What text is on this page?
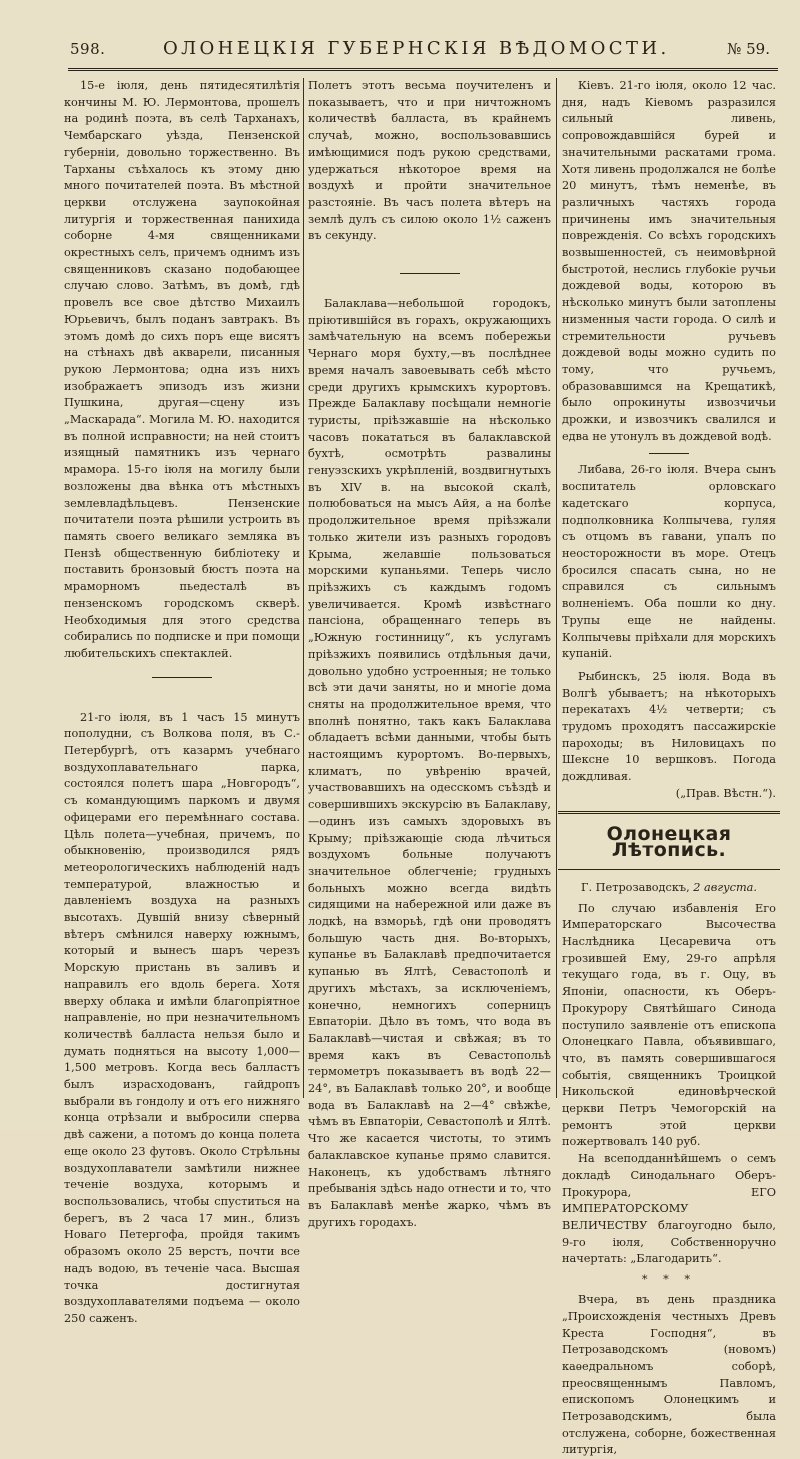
598.	ОЛОНЕЦКІЯ ГУБЕРНСКІЯ ВѢДОМОСТИ.	№ 59.

15-е іюля, день пятидесятилѣтія кончины М. Ю. Лермонтова, прошелъ на родинѣ поэта, въ селѣ Тарханахъ, Чембарскаго уѣзда, Пензенской губерніи, довольно торжественно. Въ Тарханы съѣхалось къ этому дню много почитателей поэта. Въ мѣстной церкви отслужена заупокойная литургія и торжественная панихида соборне 4-мя священниками окрестныхъ селъ, причемъ однимъ изъ священниковъ сказано подобающее случаю слово. Затѣмъ, въ домѣ, гдѣ провелъ все свое дѣтство Михаилъ Юрьевичъ, былъ поданъ завтракъ. Въ этомъ домѣ до сихъ поръ еще висятъ на стѣнахъ двѣ акварели, писанныя рукою Лермонтова; одна изъ нихъ изображаетъ эпизодъ изъ жизни Пушкина, другая—сцену изъ „Маскарада“. Могила М. Ю. находится въ полной исправности; на ней стоитъ изящный памятникъ изъ чернаго мрамора. 15-го іюля на могилу были возложены два вѣнка отъ мѣстныхъ землевладѣльцевъ. Пензенские почитатели поэта рѣшили устроить въ память своего великаго земляка въ Пензѣ общественную библіотеку и поставить бронзовый бюстъ поэта на мраморномъ пьедесталѣ въ пензенскомъ городскомъ скверѣ. Необходимыя для этого средства собирались по подписке и при помощи любительскихъ спектаклей.

21-го іюля, въ 1 часъ 15 минутъ пополудни, съ Волкова поля, въ С.-Петербургѣ, отъ казармъ учебнаго воздухоплавательнаго парка, состоялся полетъ шара „Новгородъ“, съ командующимъ паркомъ и двумя офицерами его перемѣннаго состава. Цѣль полета—учебная, причемъ, по обыкновенію, производился рядъ метеорологическихъ наблюденій надъ температурой, влажностью и давленіемъ воздуха на разныхъ высотахъ. Дувшій внизу сѣверный вѣтеръ смѣнился наверху южнымъ, который и вынесъ шаръ черезъ Морскую пристань въ заливъ и направилъ его вдоль берега. Хотя вверху облака и имѣли благопріятное направленіе, но при незначительномъ количествѣ балласта нельзя было и думать подняться на высоту 1,000—1,500 метровъ. Когда весь балластъ былъ израсходованъ, гайдропъ выбрали въ гондолу и отъ его нижняго конца отрѣзали и выбросили сперва двѣ сажени, а потомъ до конца полета еще около 23 футовъ. Около Стрѣльны воздухоплаватели замѣтили нижнее теченіе воздуха, которымъ и воспользовались, чтобы спуститься на берегъ, въ 2 часа 17 мин., близъ Новаго Петергофа, пройдя такимъ образомъ около 25 верстъ, почти все надъ водою, въ теченіе часа. Высшая точка достигнутая воздухоплавателями подъема — около 250 саженъ.

Полетъ этотъ весьма поучителенъ и показываетъ, что и при ничтожномъ количествѣ балласта, въ крайнемъ случаѣ, можно, воспользовавшись имѣющимися подъ рукою средствами, удержаться нѣкоторое время на воздухѣ и пройти значительное разстояніе. Въ часъ полета вѣтеръ на землѣ дулъ съ силою около 1½ саженъ въ секунду.

Балаклава—небольшой городокъ, пріютившійся въ горахъ, окружающихъ замѣчательную на всемъ побережьи Чернаго моря бухту,—въ послѣднее время началъ завоевывать себѣ мѣсто среди другихъ крымскихъ курортовъ. Прежде Балаклаву посѣщали немногіе туристы, пріѣзжавшіе на нѣсколько часовъ покататься въ балаклавской бухтѣ, осмотрѣть развалины генуэзскихъ укрѣпленій, воздвигнутыхъ въ XIV в. на высокой скалѣ, полюбоваться на мысъ Айя, а на болѣе продолжительное время пріѣзжали только жители изъ разныхъ городовъ Крыма, желавшіе пользоваться морскими купаньями. Теперь число пріѣзжихъ съ каждымъ годомъ увеличивается. Кромѣ извѣстнаго пансіона, обращеннаго теперь въ „Южную гостинницу“, къ услугамъ пріѣзжихъ появились отдѣльныя дачи, довольно удобно устроенныя; не только всѣ эти дачи заняты, но и многіе дома сняты на продолжительное время, что вполнѣ понятно, такъ какъ Балаклава обладаетъ всѣми данными, чтобы быть настоящимъ курортомъ. Во-первыхъ, климатъ, по увѣренію врачей, участвовавшихъ на одесскомъ съѣздѣ и совершившихъ экскурсію въ Балаклаву,—одинъ изъ самыхъ здоровыхъ въ Крыму; пріѣзжающіе сюда лѣчиться воздухомъ больные получаютъ значительное облегченіе; грудныхъ больныхъ можно всегда видѣть сидящими на набережной или даже въ лодкѣ, на взморьѣ, гдѣ они проводятъ большую часть дня. Во-вторыхъ, купанье въ Балаклавѣ предпочитается купанью въ Ялтѣ, Севастополѣ и другихъ мѣстахъ, за исключеніемъ, конечно, немногихъ соперницъ Евпаторіи. Дѣло въ томъ, что вода въ Балаклавѣ—чистая и свѣжая; въ то время какъ въ Севастопольѣ термометръ показываетъ въ водѣ 22—24°, въ Балаклавѣ только 20°, и вообще вода въ Балаклавѣ на 2—4° свѣжѣе, чѣмъ въ Евпаторіи, Севастополѣ и Ялтѣ. Что же касается чистоты, то этимъ балаклавское купанье прямо славится. Наконецъ, къ удобствамъ лѣтняго пребыванія здѣсь надо отнести и то, что въ Балаклавѣ менѣе жарко, чѣмъ въ другихъ городахъ.

Кіевъ. 21-го іюля, около 12 час. дня, надъ Кіевомъ разразился сильный ливень, сопровождавшійся бурей и значительными раскатами грома. Хотя ливень продолжался не болѣе 20 минутъ, тѣмъ неменѣе, въ различныхъ частяхъ города причинены имъ значительныя поврежденія. Со всѣхъ городскихъ возвышенностей, съ неимовѣрной быстротой, неслись глубокіе ручьи дождевой воды, которою въ нѣсколько минутъ были затоплены низменныя части города. О силѣ и стремительности ручьевъ дождевой воды можно судить по тому, что ручьемъ, образовавшимся на Крещатикѣ, было опрокинуты извозчичьи дрожки, и извозчикъ свалился и едва не утонулъ въ дождевой водѣ.

Либава, 26-го іюля. Вчера сынъ воспитатель орловскаго кадетскаго корпуса, подполковника Колпычева, гуляя съ отцомъ въ гавани, упалъ по неосторожности въ море. Отецъ бросился спасать сына, но не справился съ сильнымъ волненіемъ. Оба пошли ко дну. Трупы еще не найдены. Колпычевы пріѣхали для морскихъ купаній.

Рыбинскъ, 25 іюля. Вода въ Волгѣ убываетъ; на нѣкоторыхъ перекатахъ 4½ четверти; съ трудомъ проходятъ пассажирскіе пароходы; въ Ниловицахъ по Шексне 10 вершковъ. Погода дождливая.

(„Прав. Вѣстн.“).

Олонецкая Лѣтопись.

Г. Петрозаводскъ, 2 августа.

По случаю избавленія Его Императорскаго Высочества Наслѣдника Цесаревича отъ грозившей Ему, 29-го апрѣля текущаго года, въ г. Оцу, въ Японіи, опасности, къ Оберъ-Прокурору Святѣйшаго Синода поступило заявленіе отъ епископа Олонецкаго Павла, объявившаго, что, въ память совершившагося событія, священникъ Троицкой Никольской единовѣрческой церкви Петръ Чемогорскій на ремонтъ этой церкви пожертвовалъ 140 руб.

На всеподданнѣйшемъ о семъ докладѣ Синодальнаго Оберъ-Прокурора, ЕГО ИМПЕРАТОРСКОМУ ВЕЛИЧЕСТВУ благоугодно было, 9-го іюля, Собственноручно начертать: „Благодарить“.

* * *

Вчера, въ день праздника „Происхожденія честныхъ Древъ Креста Господня“, въ Петрозаводскомъ (новомъ) каѳедральномъ соборѣ, преосвященнымъ Павломъ, епископомъ Олонецкимъ и Петрозаводскимъ, была отслужена, соборне, божественная литургія,
